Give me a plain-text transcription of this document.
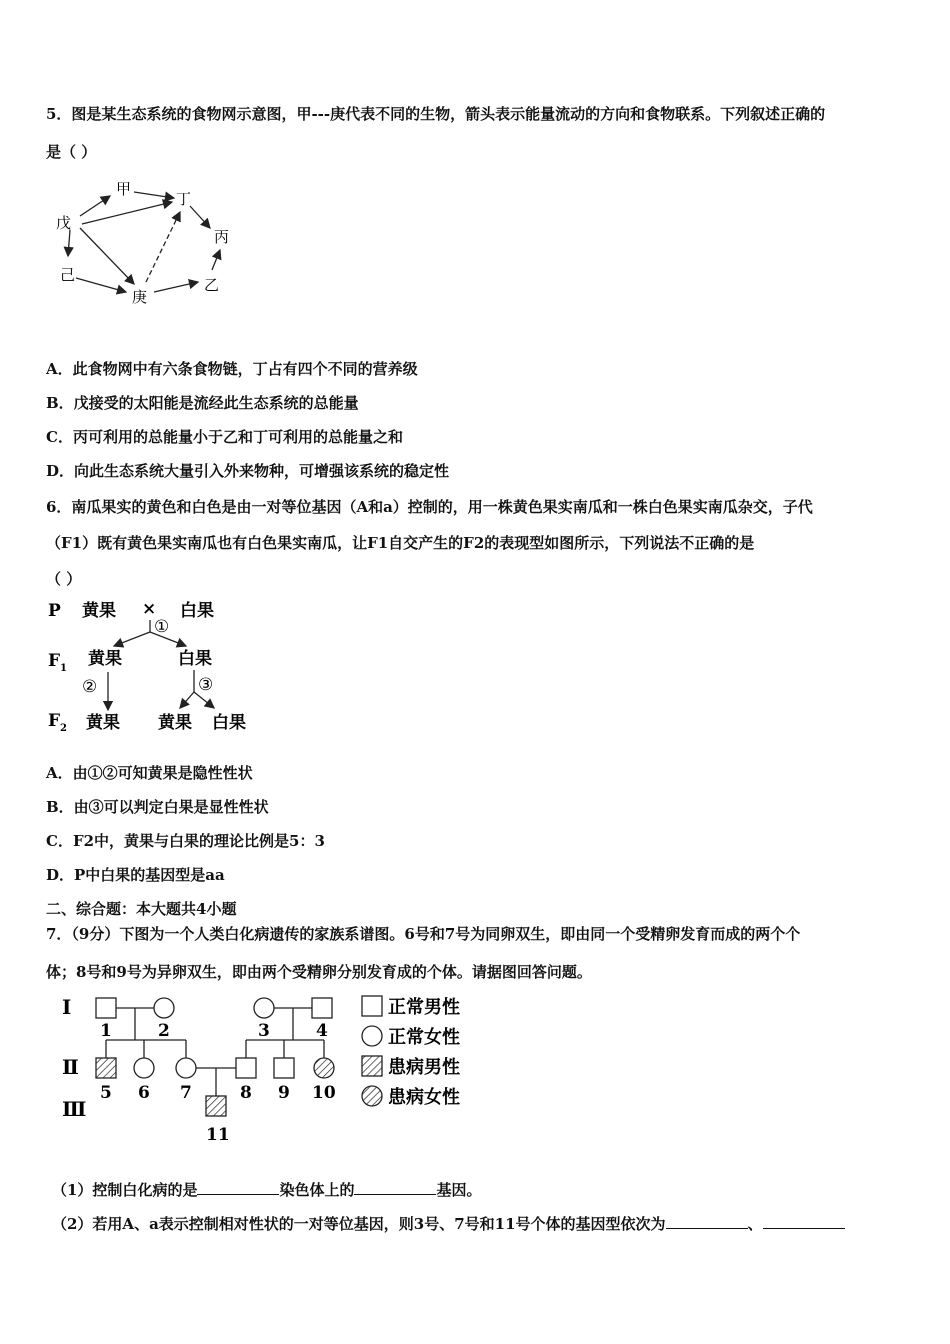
5．图是某生态系统的食物网示意图，甲---庚代表不同的生物，箭头表示能量流动的方向和食物联系。下列叙述正确的
是（ ）
甲
丁
戊
丙
己
庚
乙
A．此食物网中有六条食物链，丁占有四个不同的营养级
B．戊接受的太阳能是流经此生态系统的总能量
C．丙可利用的总能量小于乙和丁可利用的总能量之和
D．向此生态系统大量引入外来物种，可增强该系统的稳定性
6．南瓜果实的黄色和白色是由一对等位基因（A和a）控制的，用一株黄色果实南瓜和一株白色果实南瓜杂交，子代
（F1）既有黄色果实南瓜也有白色果实南瓜，让F1自交产生的F2的表现型如图所示，下列说法不正确的是
（ ）
P 黄果 × 白果
F 1 黄果	白果
F 2 黄果 黄果 白果
①
②	③
A．由①②可知黄果是隐性性状
B．由③可以判定白果是显性性状
C．F2中，黄果与白果的理论比例是5：3
D．P中白果的基因型是aa
二、综合题：本大题共4小题
7．（9分）下图为一个人类白化病遗传的家族系谱图。6号和7号为同卵双生，即由同一个受精卵发育而成的两个个
体；8号和9号为异卵双生，即由两个受精卵分别发育成的个体。请据图回答问题。
Ⅰ
Ⅱ
Ⅲ
1	2	3	4
5 6 7	8 9 10
11
正常男性
正常女性
患病男性
患病女性
（1）控制白化病的是	染色体上的	基因。
（2）若用A、a表示控制相对性状的一对等位基因，则3号、7号和11号个体的基因型依次为	、
